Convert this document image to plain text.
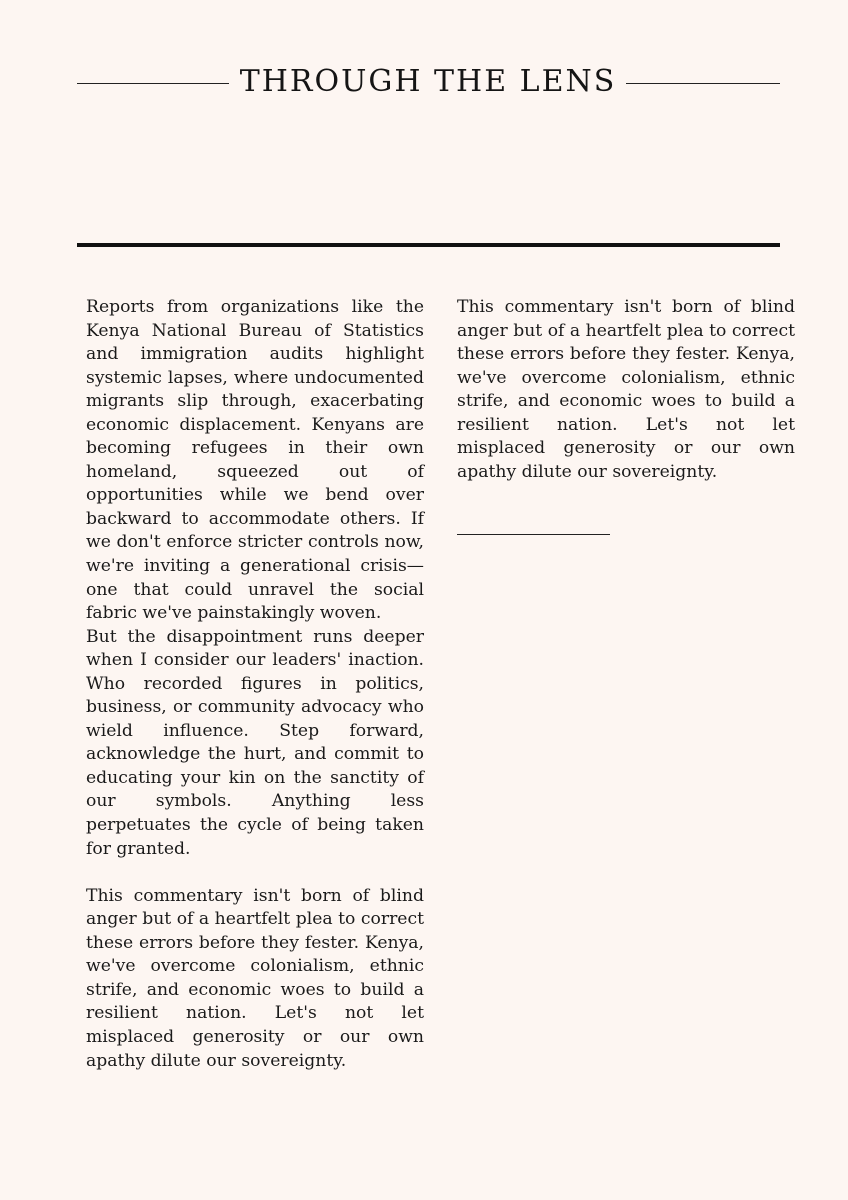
THROUGH THE LENS

Reports from organizations like the Kenya National Bureau of Statistics and immigration audits highlight systemic lapses, where undocumented migrants slip through, exacerbating economic displacement. Kenyans are becoming refugees in their own homeland, squeezed out of opportunities while we bend over backward to accommodate others. If we don't enforce stricter controls now, we're inviting a generational crisis—one that could unravel the social fabric we've painstakingly woven.

But the disappointment runs deeper when I consider our leaders' inaction. Who recorded figures in politics, business, or community advocacy who wield influence. Step forward, acknowledge the hurt, and commit to educating your kin on the sanctity of our symbols. Anything less perpetuates the cycle of being taken for granted.

This commentary isn't born of blind anger but of a heartfelt plea to correct these errors before they fester. Kenya, we've overcome colonialism, ethnic strife, and economic woes to build a resilient nation. Let's not let misplaced generosity or our own apathy dilute our sovereignty.

This commentary isn't born of blind anger but of a heartfelt plea to correct these errors before they fester. Kenya, we've overcome colonialism, ethnic strife, and economic woes to build a resilient nation. Let's not let misplaced generosity or our own apathy dilute our sovereignty.
